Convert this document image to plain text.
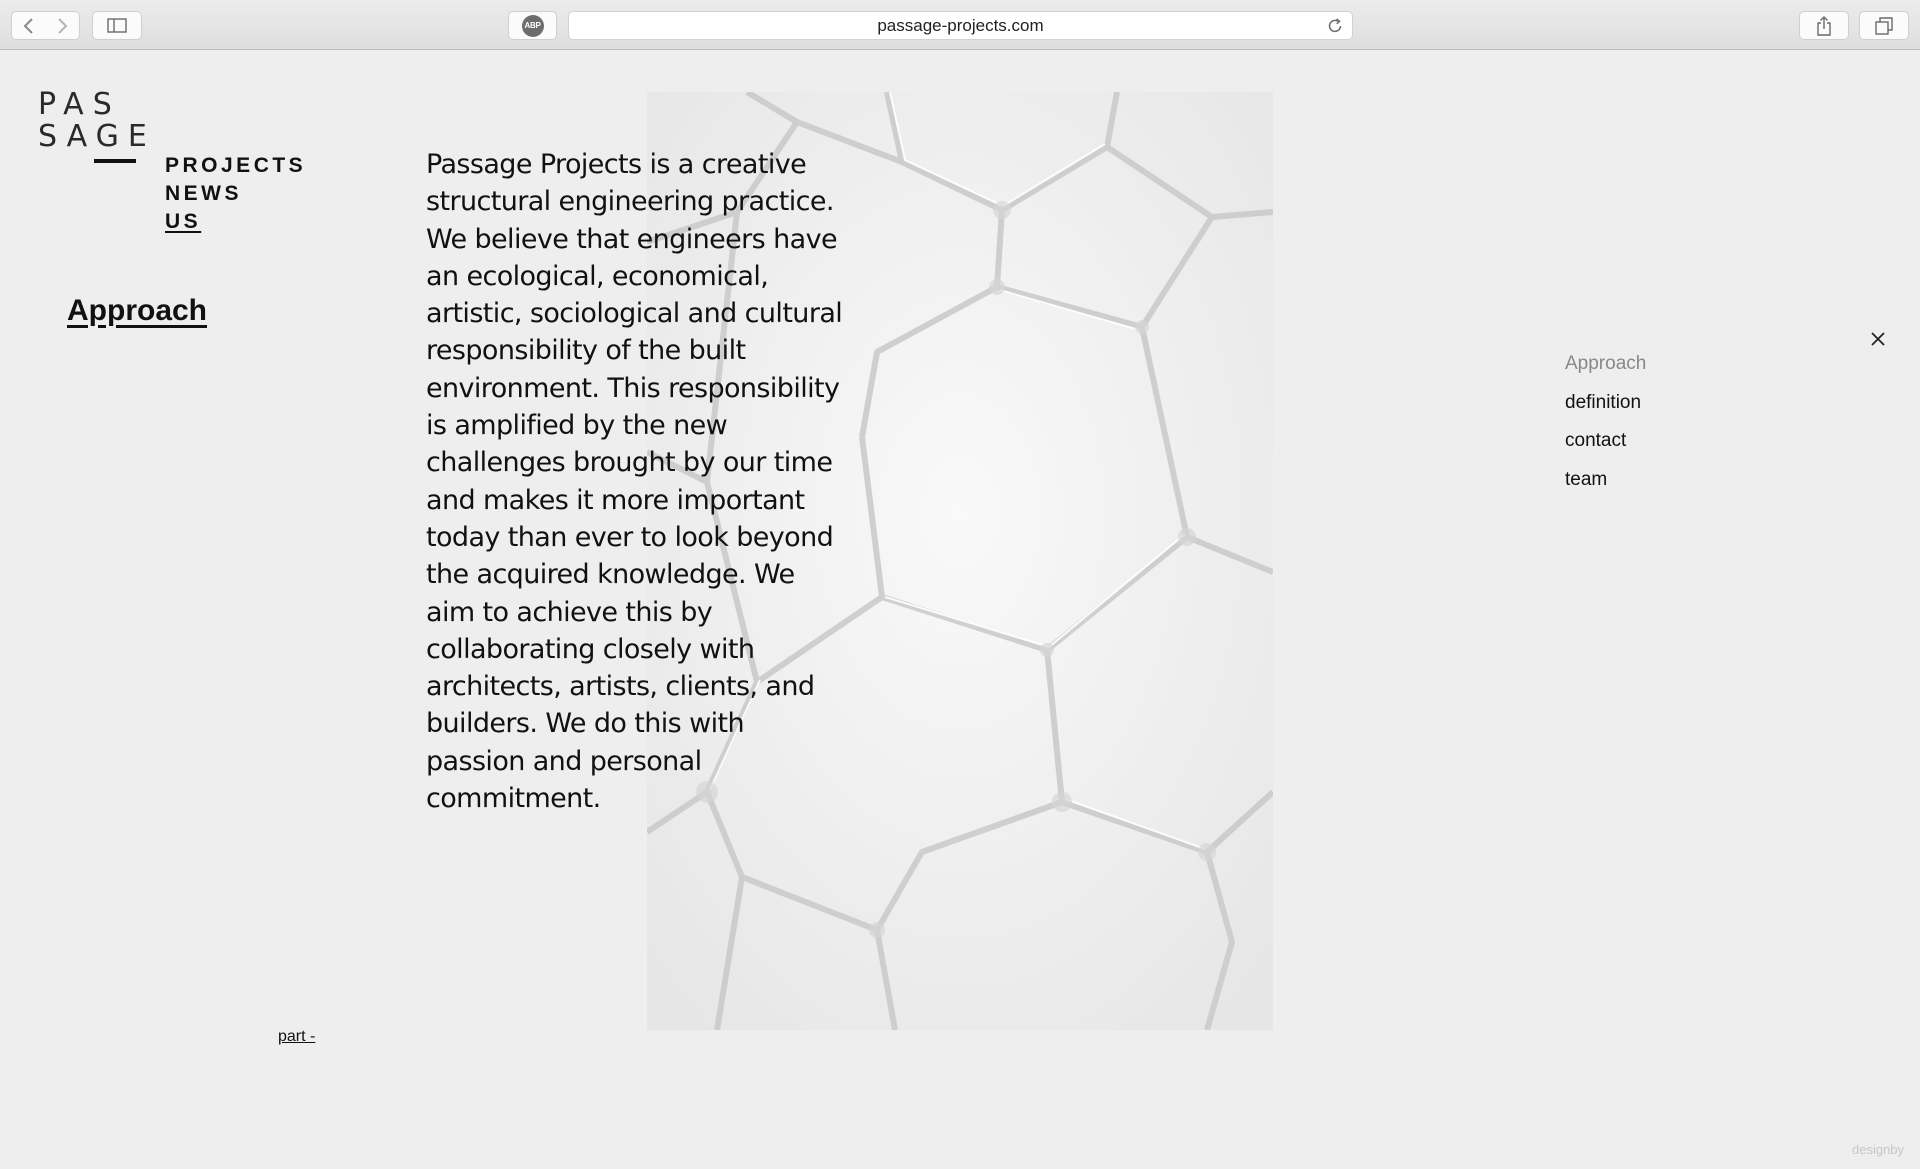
ABP	passage-projects.com
PAS
SAGE
PROJECTS
NEWS
US
Approach

Passage Projects is a creative structural engineering practice. We believe that engineers have an ecological, economical, artistic, sociological and cultural responsibility of the built environment. This responsibility is amplified by the new challenges brought by our time and makes it more important today than ever to look beyond the acquired knowledge. We aim to achieve this by collaborating closely with architects, artists, clients, and builders. We do this with passion and personal commitment.

part -
Approach
definition
contact
team
designby
